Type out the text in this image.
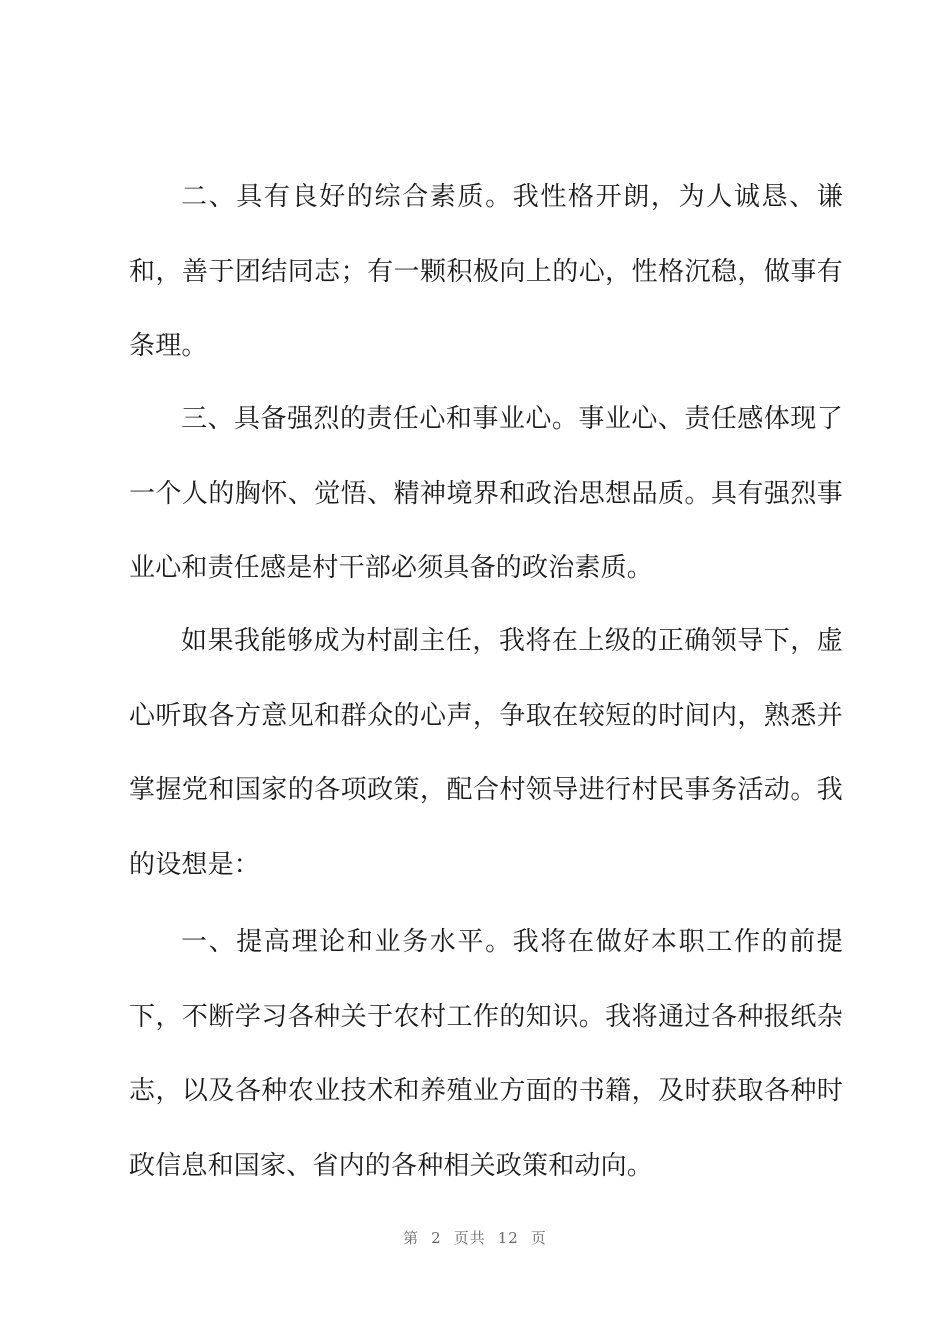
二、具有良好的综合素质。我性格开朗，为人诚恳、谦和，善于团结同志；有一颗积极向上的心，性格沉稳，做事有条理。

三、具备强烈的责任心和事业心。事业心、责任感体现了一个人的胸怀、觉悟、精神境界和政治思想品质。具有强烈事业心和责任感是村干部必须具备的政治素质。

如果我能够成为村副主任，我将在上级的正确领导下，虚心听取各方意见和群众的心声，争取在较短的时间内，熟悉并掌握党和国家的各项政策，配合村领导进行村民事务活动。我的设想是：

一、提高理论和业务水平。我将在做好本职工作的前提下，不断学习各种关于农村工作的知识。我将通过各种报纸杂志，以及各种农业技术和养殖业方面的书籍，及时获取各种时政信息和国家、省内的各种相关政策和动向。

第 2 页共 12 页
